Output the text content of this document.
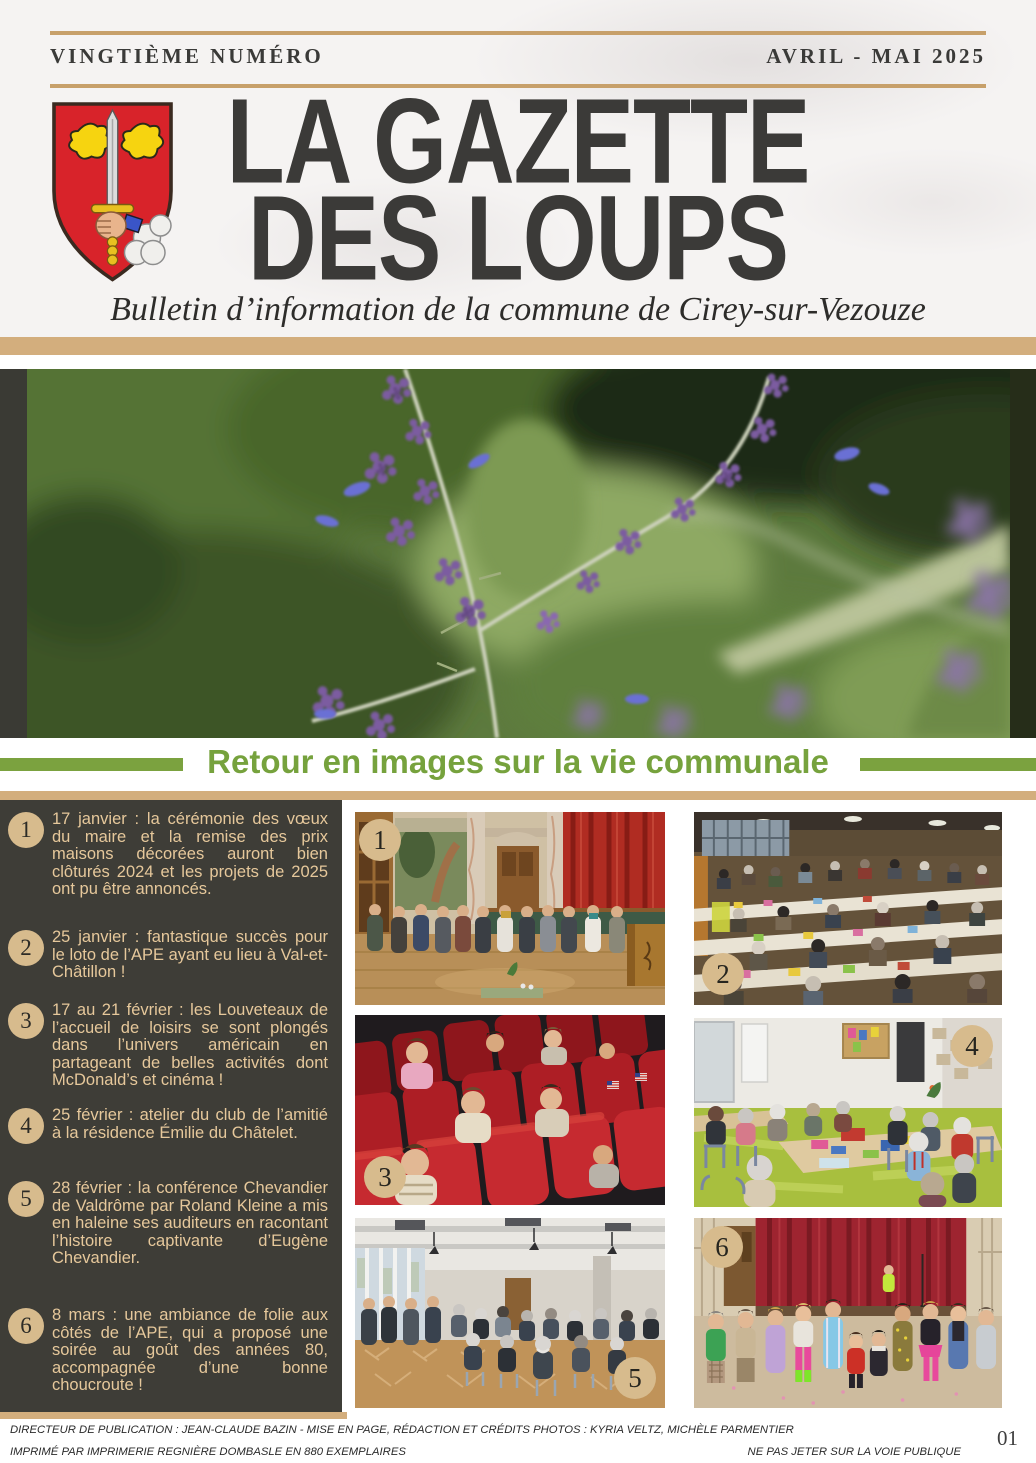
VINGTIÈME NUMÉRO	AVRIL - MAI 2025
LA GAZETTE
DES LOUPS
Bulletin d’information de la commune de Cirey-sur-Vezouze
Retour en images sur la vie communale
1	17 janvier : la cérémonie des vœux du maire et la remise des prix maisons décorées auront bien clôturés 2024 et les projets de 2025 ont pu être annoncés.
2	25 janvier : fantastique succès pour le loto de l’APE ayant eu lieu à Val-et-Châtillon !
3	17 au 21 février : les Louveteaux de l’accueil de loisirs se sont plongés dans l’univers américain en partageant de belles activités dont McDonald’s et cinéma !
4	25 février : atelier du club de l’amitié à la résidence Émilie du Châtelet.
5	28 février : la conférence Chevandier de Valdrôme par Roland Kleine a mis en haleine ses auditeurs en racontant l’histoire captivante d’Eugène Chevandier.
6	8 mars : une ambiance de folie aux côtés de l’APE, qui a proposé une soirée au goût des années 80, accompagnée d’une bonne choucroute !
1
2
3
4
5
6
DIRECTEUR DE PUBLICATION : JEAN-CLAUDE BAZIN - MISE EN PAGE, RÉDACTION ET CRÉDITS PHOTOS : KYRIA VELTZ, MICHÈLE PARMENTIER
IMPRIMÉ PAR IMPRIMERIE REGNIÈRE DOMBASLE EN 880 EXEMPLAIRES	NE PAS JETER SUR LA VOIE PUBLIQUE
01
